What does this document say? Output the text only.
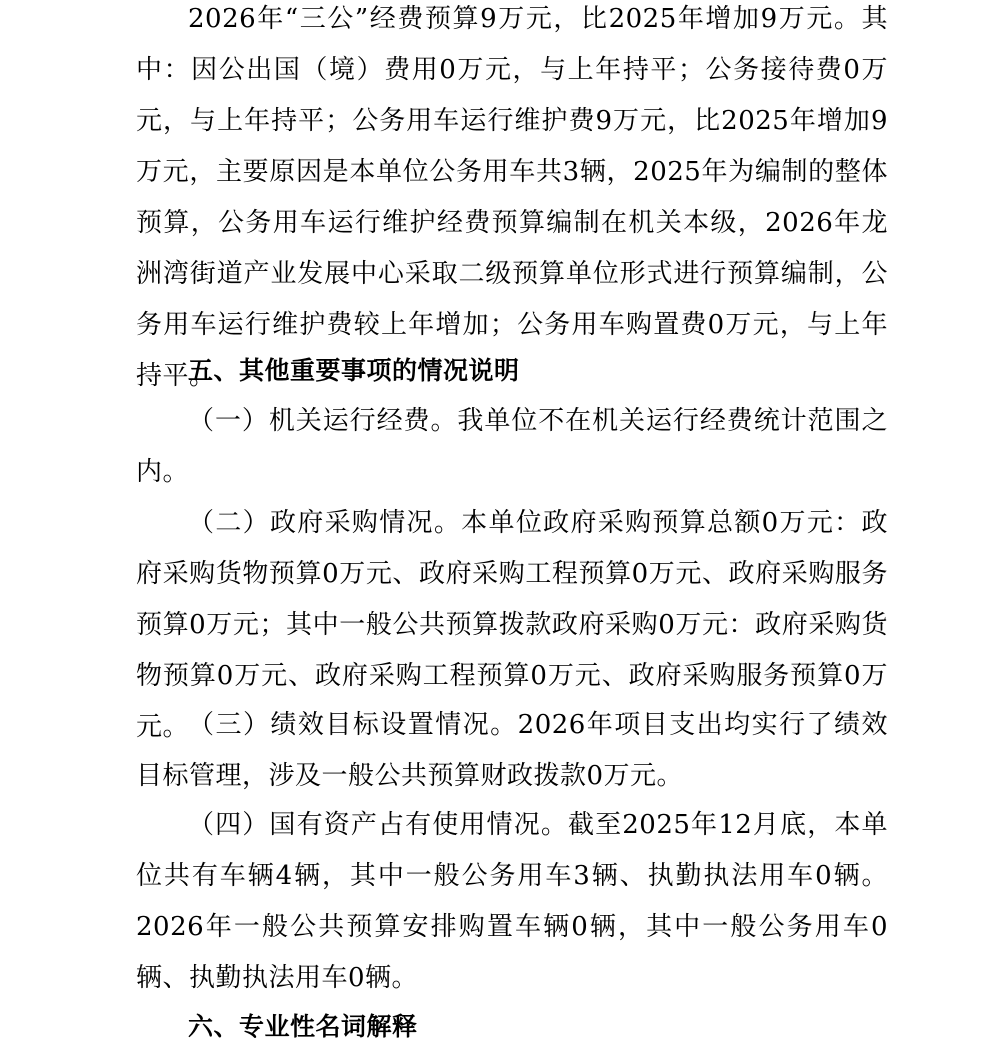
2026年“三公”经费预算9万元，比2025年增加9万元。其中：因公出国（境）费用0万元，与上年持平；公务接待费0万元，与上年持平；公务用车运行维护费9万元，比2025年增加9万元，主要原因是本单位公务用车共3辆，2025年为编制的整体预算，公务用车运行维护经费预算编制在机关本级，2026年龙洲湾街道产业发展中心采取二级预算单位形式进行预算编制，公务用车运行维护费较上年增加；公务用车购置费0万元，与上年持平。

五、其他重要事项的情况说明

（一）机关运行经费。我单位不在机关运行经费统计范围之内。

（二）政府采购情况。本单位政府采购预算总额0万元：政府采购货物预算0万元、政府采购工程预算0万元、政府采购服务预算0万元；其中一般公共预算拨款政府采购0万元：政府采购货物预算0万元、政府采购工程预算0万元、政府采购服务预算0万元。

（三）绩效目标设置情况。2026年项目支出均实行了绩效目标管理，涉及一般公共预算财政拨款0万元。

（四）国有资产占有使用情况。截至2025年12月底，本单位共有车辆4辆，其中一般公务用车3辆、执勤执法用车0辆。2026年一般公共预算安排购置车辆0辆，其中一般公务用车0辆、执勤执法用车0辆。

六、专业性名词解释
